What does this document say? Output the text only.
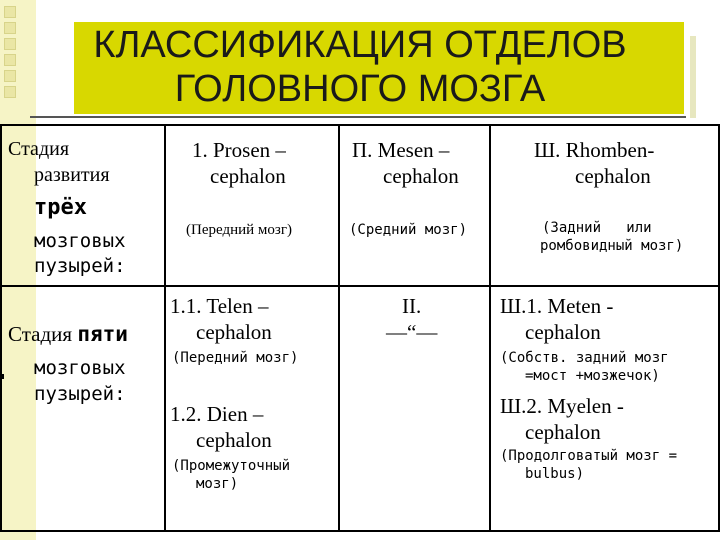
КЛАССИФИКАЦИЯ ОТДЕЛОВ
ГОЛОВНОГО МОЗГА
Стадия
развития
трёх
мозговых
пузырей:
1. Prosen –
cephalon
(Передний мозг)
П. Mesen –
cephalon
(Средний мозг)
Ш. Rhomben-
cephalon
(Задний   или
ромбовидный мозг)
Стадия пяти
мозговых
пузырей:
1.1. Telen –
cephalon
(Передний мозг)
1.2. Dien –
cephalon
(Промежуточный
мозг)
II.
—“—
Ш.1. Meten -
cephalon
(Собств. задний мозг
=мост +мозжечок)
Ш.2. Myelen -
cephalon
(Продолговатый мозг =
bulbus)
